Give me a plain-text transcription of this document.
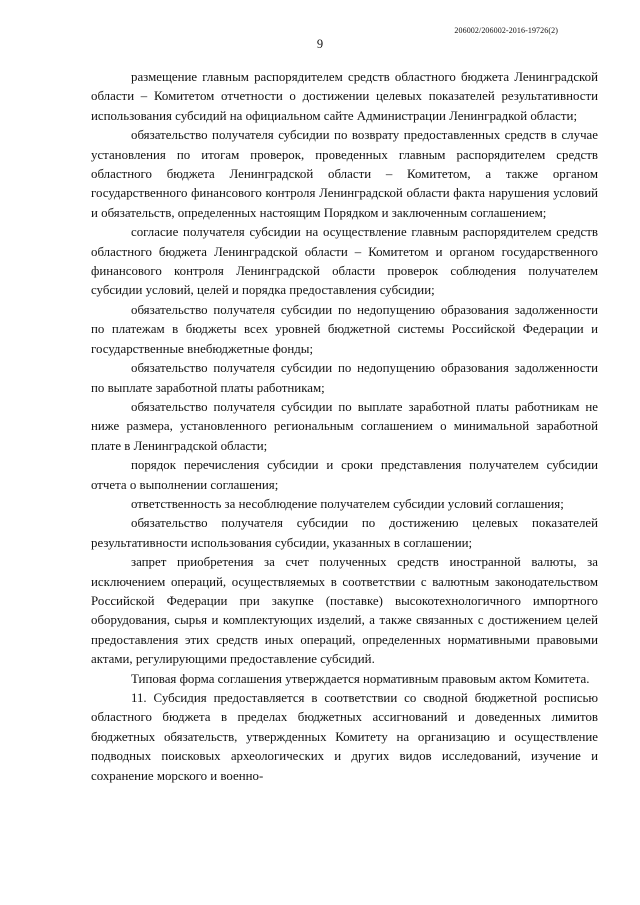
206002/206002-2016-19726(2)
9

размещение главным распорядителем средств областного бюджета Ленинградской области – Комитетом отчетности о достижении целевых показателей результативности использования субсидий на официальном сайте Администрации Ленинградкой области;

обязательство получателя субсидии по возврату предоставленных средств в случае установления по итогам проверок, проведенных главным распорядителем средств областного бюджета Ленинградской области – Комитетом, а также органом государственного финансового контроля Ленинградской области факта нарушения условий и обязательств, определенных настоящим Порядком и заключенным соглашением;

согласие получателя субсидии на осуществление главным распорядителем средств областного бюджета Ленинградской области – Комитетом и органом государственного финансового контроля Ленинградской области проверок соблюдения получателем субсидии условий, целей и порядка предоставления субсидии;

обязательство получателя субсидии по недопущению образования задолженности по платежам в бюджеты всех уровней бюджетной системы Российской Федерации и государственные внебюджетные фонды;

обязательство получателя субсидии по недопущению образования задолженности по выплате заработной платы работникам;

обязательство получателя субсидии по выплате заработной платы работникам не ниже размера, установленного региональным соглашением о минимальной заработной плате в Ленинградской области;

порядок перечисления субсидии и сроки представления получателем субсидии отчета о выполнении соглашения;

ответственность за несоблюдение получателем субсидии условий соглашения;

обязательство получателя субсидии по достижению целевых показателей результативности использования субсидии, указанных в соглашении;

запрет приобретения за счет полученных средств иностранной валюты, за исключением операций, осуществляемых в соответствии с валютным законодательством Российской Федерации при закупке (поставке) высокотехнологичного импортного оборудования, сырья и комплектующих изделий, а также связанных с достижением целей предоставления этих средств иных операций, определенных нормативными правовыми актами, регулирующими предоставление субсидий.

Типовая форма соглашения утверждается нормативным правовым актом Комитета.

11. Субсидия предоставляется в соответствии со сводной бюджетной росписью областного бюджета в пределах бюджетных ассигнований и доведенных лимитов бюджетных обязательств, утвержденных Комитету на организацию и осуществление подводных поисковых археологических и других видов исследований, изучение и сохранение морского и военно-
